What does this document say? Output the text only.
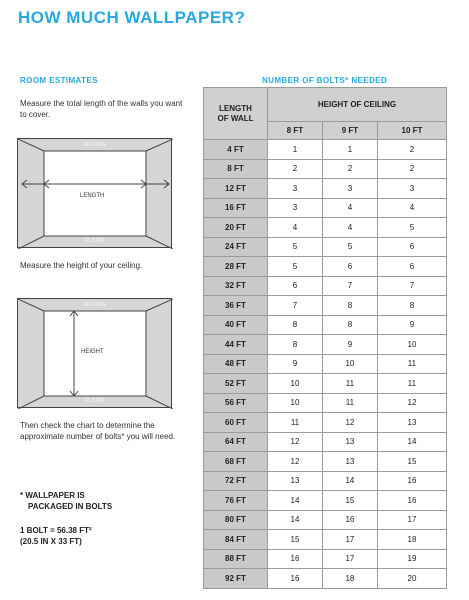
HOW MUCH WALLPAPER?
ROOM ESTIMATES	NUMBER OF BOLTS* NEEDED
Measure the total length of the walls you want to cover.
CEILING
FLOOR
LENGTH
Measure the height of your ceiling.
CEILING
FLOOR
HEIGHT
Then check the chart to determine the approximate number of bolts* you will need.
* WALLPAPER IS
PACKAGED IN BOLTS
1 BOLT = 56.38 FT²
(20.5 IN X 33 FT)
LENGTH
OF WALL	HEIGHT OF CEILING		
	8 FT	9 FT	10 FT
4 FT	1	1	2
8 FT	2	2	2
12 FT	3	3	3
16 FT	3	4	4
20 FT	4	4	5
24 FT	5	5	6
28 FT	5	6	6
32 FT	6	7	7
36 FT	7	8	8
40 FT	8	8	9
44 FT	8	9	10
48 FT	9	10	11
52 FT	10	11	11
56 FT	10	11	12
60 FT	11	12	13
64 FT	12	13	14
68 FT	12	13	15
72 FT	13	14	16
76 FT	14	15	16
80 FT	14	16	17
84 FT	15	17	18
88 FT	16	17	19
92 FT	16	18	20
